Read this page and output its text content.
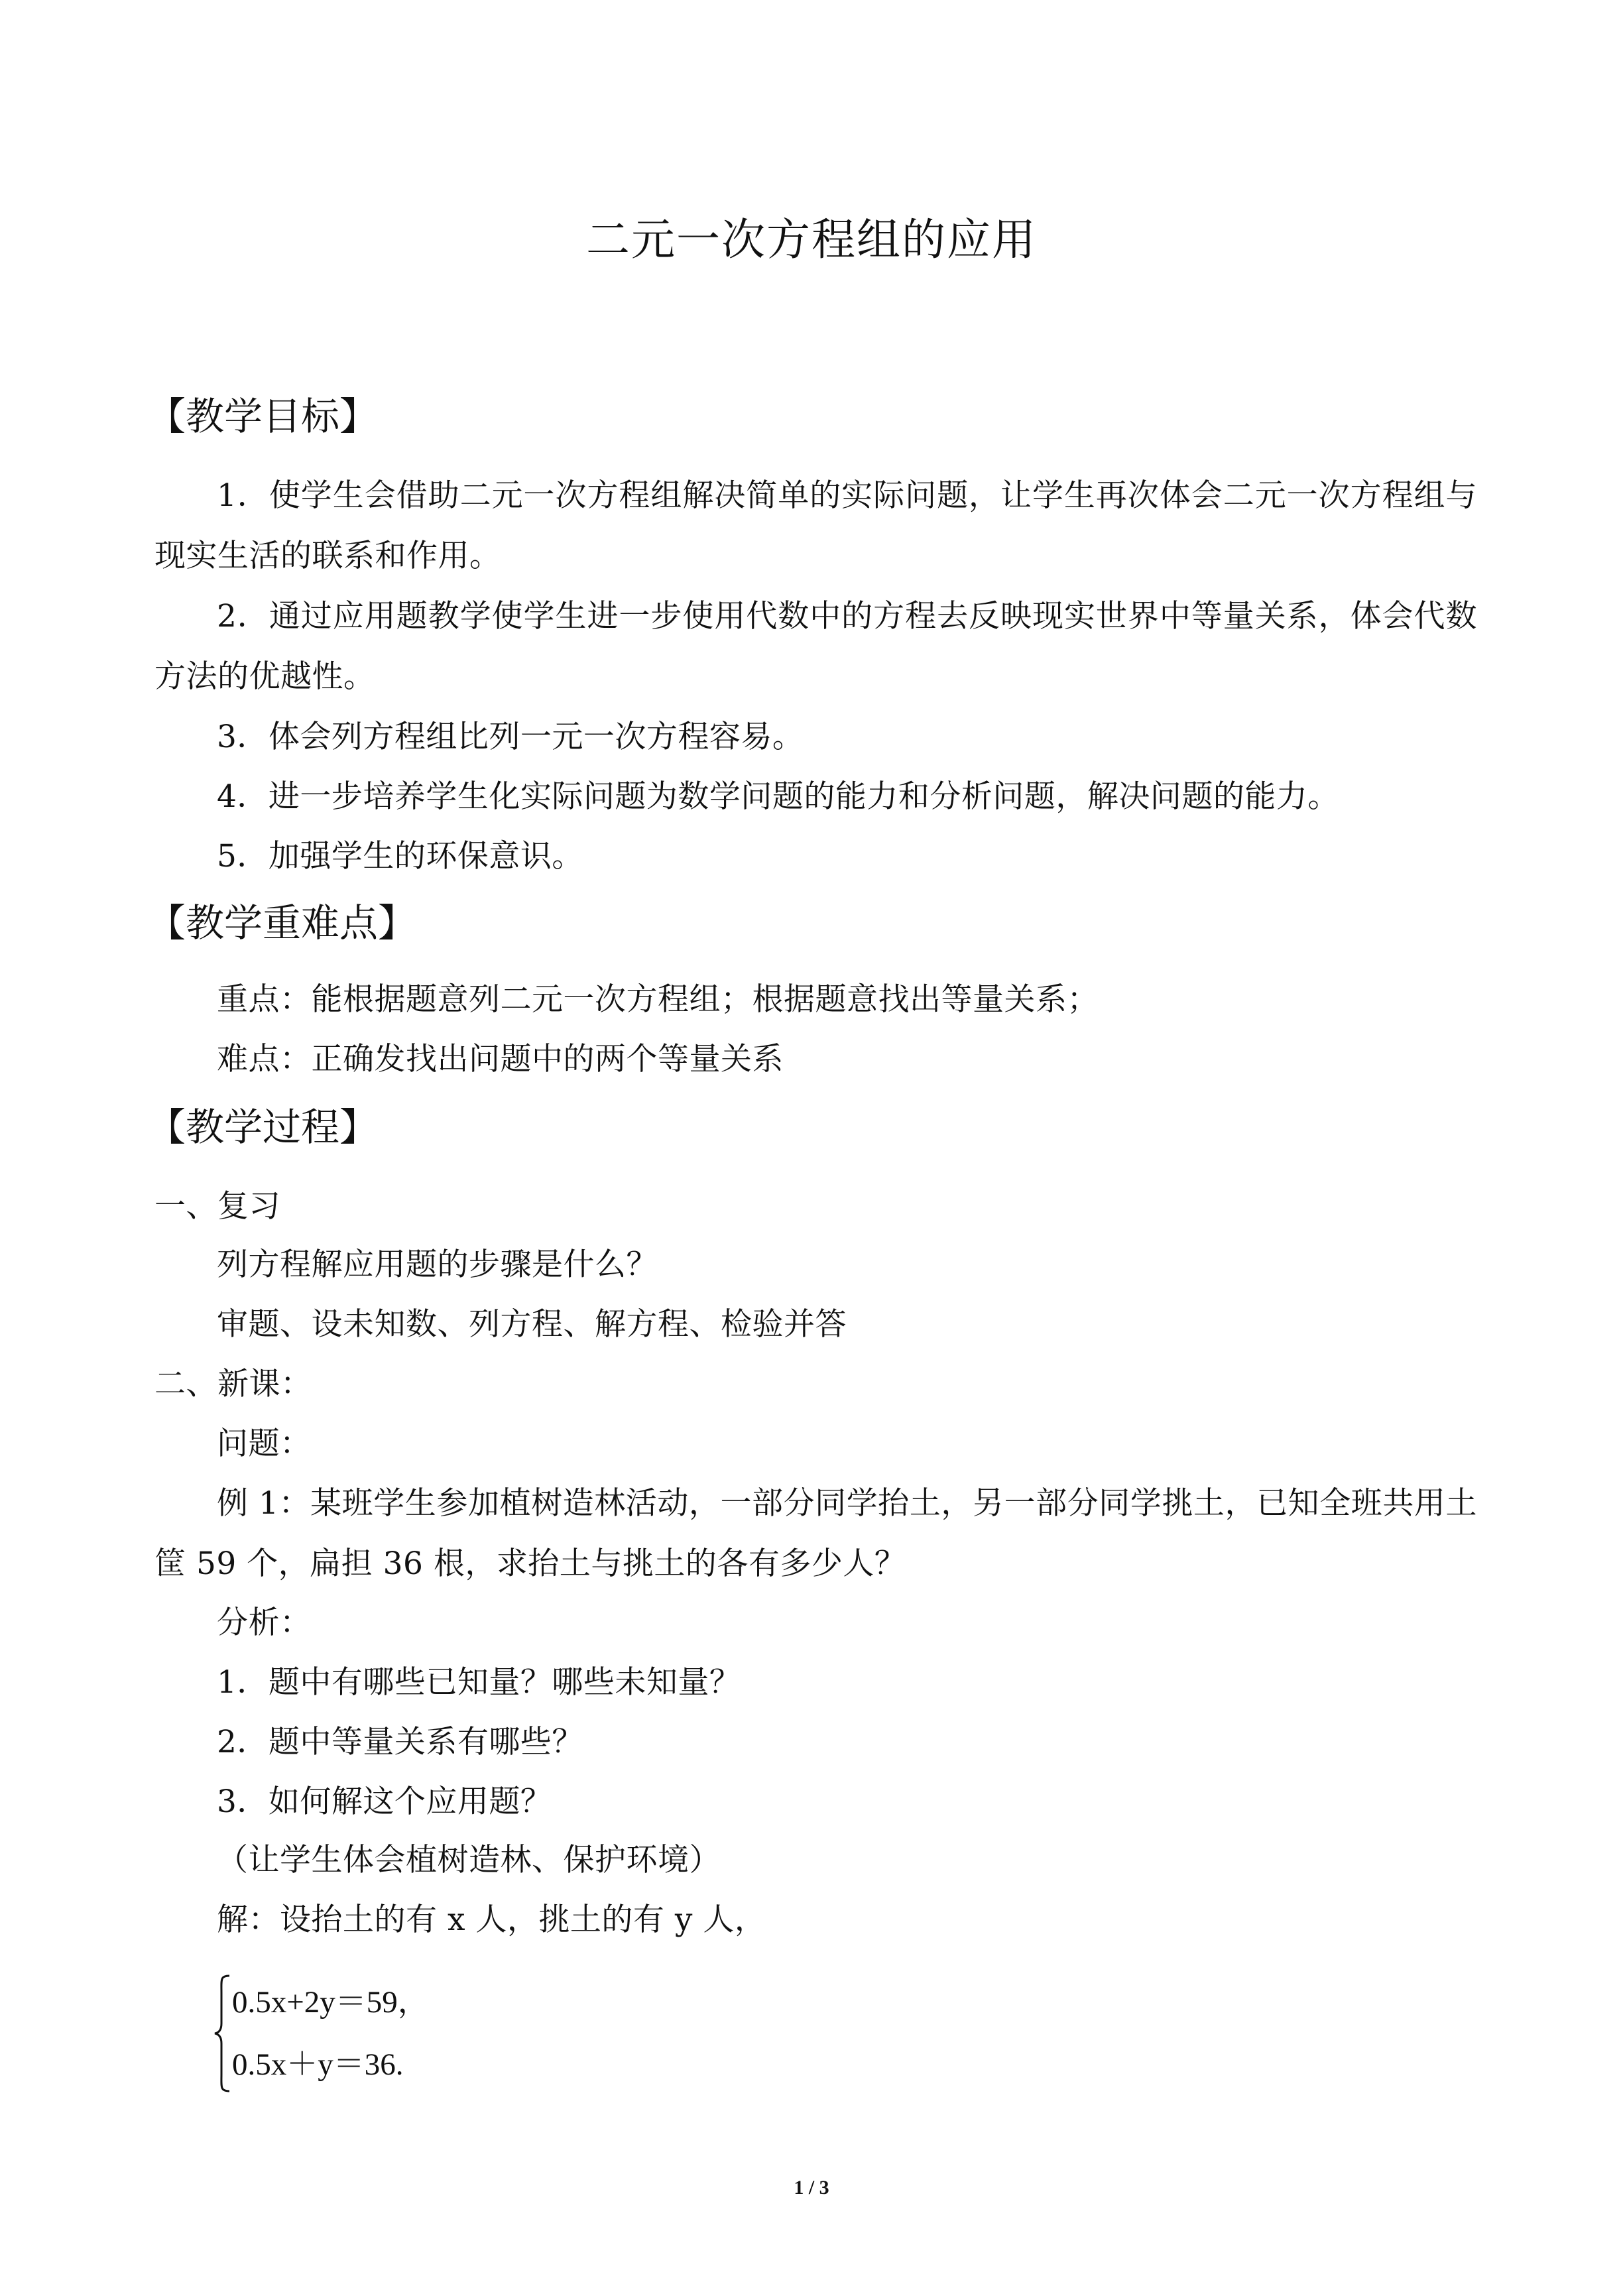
二元一次方程组的应用
【教学目标】
1．使学生会借助二元一次方程组解决简单的实际问题，让学生再次体会二元一次方程组与现实生活的联系和作用。
2．通过应用题教学使学生进一步使用代数中的方程去反映现实世界中等量关系，体会代数方法的优越性。
3．体会列方程组比列一元一次方程容易。
4．进一步培养学生化实际问题为数学问题的能力和分析问题，解决问题的能力。
5．加强学生的环保意识。
【教学重难点】
重点：能根据题意列二元一次方程组；根据题意找出等量关系；
难点：正确发找出问题中的两个等量关系
【教学过程】
一、复习
列方程解应用题的步骤是什么？
审题、设未知数、列方程、解方程、检验并答
二、新课：
问题：
例 1：某班学生参加植树造林活动，一部分同学抬土，另一部分同学挑土，已知全班共用土筐 59 个，扁担 36 根，求抬土与挑土的各有多少人？
分析：
1．题中有哪些已知量？哪些未知量？
2．题中等量关系有哪些？
3．如何解这个应用题？
（让学生体会植树造林、保护环境）
解：设抬土的有 x 人，挑土的有 y 人，
0.5x+2y＝59，
0.5x＋y＝36.
1 / 3
